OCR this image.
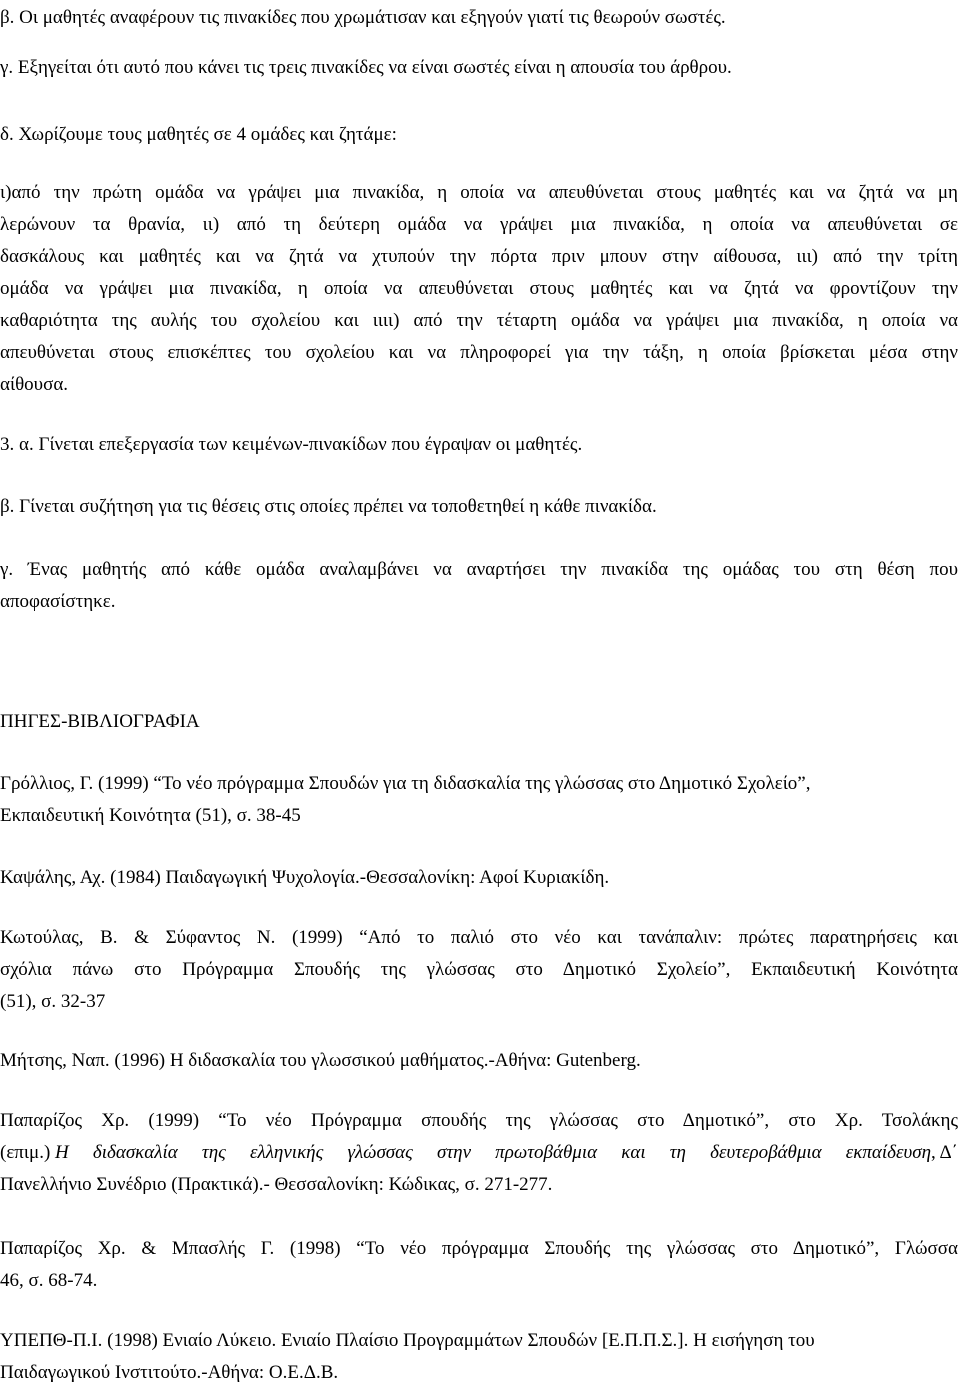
β. Οι μαθητές αναφέρουν τις πινακίδες που χρωμάτισαν και εξηγούν γιατί τις θεωρούν σωστές.

γ. Εξηγείται ότι αυτό που κάνει τις τρεις πινακίδες να είναι σωστές είναι η απουσία του άρθρου.

δ. Χωρίζουμε τους μαθητές σε 4 ομάδες και ζητάμε:

ι)από την πρώτη ομάδα να γράψει μια πινακίδα, η οποία να απευθύνεται στους μαθητές και να ζητά να μη
λερώνουν τα θρανία, ιι) από τη δεύτερη ομάδα να γράψει μια πινακίδα, η οποία να απευθύνεται σε
δασκάλους και μαθητές και να ζητά να χτυπούν την πόρτα πριν μπουν στην αίθουσα, ιιι) από την τρίτη
ομάδα να γράψει μια πινακίδα, η οποία να απευθύνεται στους μαθητές και να ζητά να φροντίζουν την
καθαριότητα της αυλής του σχολείου και ιιιι) από την τέταρτη ομάδα να γράψει μια πινακίδα, η οποία να
απευθύνεται στους επισκέπτες του σχολείου και να πληροφορεί για την τάξη, η οποία βρίσκεται μέσα στην
αίθουσα.

3. α. Γίνεται επεξεργασία των κειμένων-πινακίδων που έγραψαν οι μαθητές.

β. Γίνεται συζήτηση για τις θέσεις στις οποίες πρέπει να τοποθετηθεί η κάθε πινακίδα.

γ. Ένας μαθητής από κάθε ομάδα αναλαμβάνει να αναρτήσει την πινακίδα της ομάδας του στη θέση που
αποφασίστηκε.

ΠΗΓΕΣ-ΒΙΒΛΙΟΓΡΑΦΙΑ

Γρόλλιος, Γ. (1999) “Το νέο πρόγραμμα Σπουδών για τη διδασκαλία της γλώσσας στο Δημοτικό Σχολείο”,
Εκπαιδευτική Κοινότητα (51), σ. 38-45

Καψάλης, Αχ. (1984) Παιδαγωγική Ψυχολογία.-Θεσσαλονίκη: Αφοί Κυριακίδη.

Κωτούλας, Β. & Σύφαντος Ν. (1999) “Από το παλιό στο νέο και τανάπαλιν: πρώτες παρατηρήσεις και
σχόλια πάνω στο Πρόγραμμα Σπουδής της γλώσσας στο Δημοτικό Σχολείο”, Εκπαιδευτική Κοινότητα
(51), σ. 32-37

Μήτσης, Ναπ. (1996) Η διδασκαλία του γλωσσικού μαθήματος.-Αθήνα: Gutenberg.

Παπαρίζος Χρ. (1999) “Το νέο Πρόγραμμα σπουδής της γλώσσας στο Δημοτικό”, στο Χρ. Τσολάκης
(επιμ.) Η διδασκαλία της ελληνικής γλώσσας στην πρωτοβάθμια και τη δευτεροβάθμια εκπαίδευση , Δ΄
Πανελλήνιο Συνέδριο (Πρακτικά).- Θεσσαλονίκη: Κώδικας, σ. 271-277.
Παπαρίζος Χρ. & Μπασλής Γ. (1998) “Το νέο πρόγραμμα Σπουδής της γλώσσας στο Δημοτικό”, Γλώσσα
46, σ. 68-74.
ΥΠΕΠΘ-Π.Ι. (1998) Ενιαίο Λύκειο. Ενιαίο Πλαίσιο Προγραμμάτων Σπουδών [Ε.Π.Π.Σ.]. Η εισήγηση του
Παιδαγωγικού Ινστιτούτο.-Αθήνα: Ο.Ε.Δ.Β.
